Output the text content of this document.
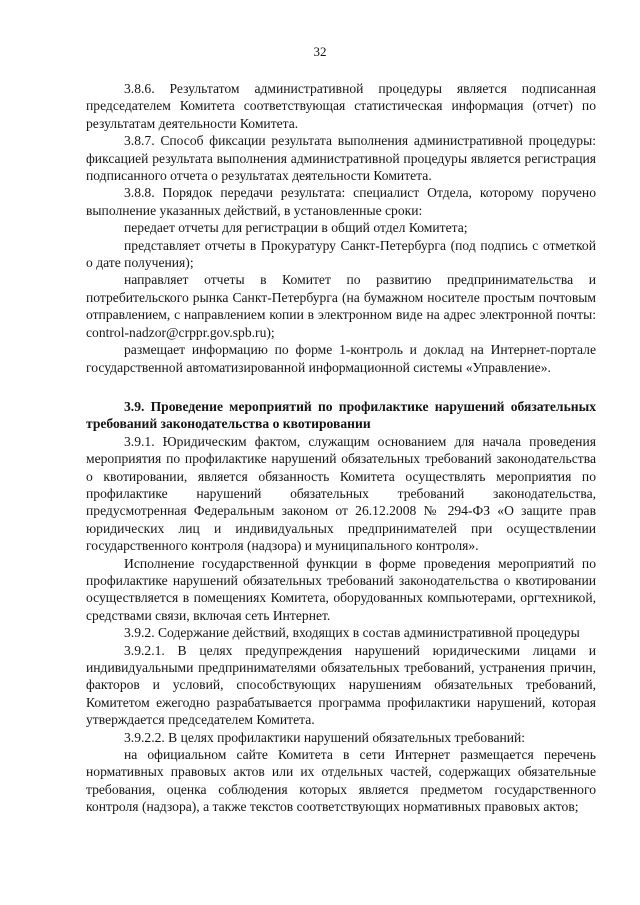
32

3.8.6. Результатом административной процедуры является подписанная председателем Комитета соответствующая статистическая информация (отчет) по результатам деятельности Комитета.

3.8.7. Способ фиксации результата выполнения административной процедуры: фиксацией результата выполнения административной процедуры является регистрация подписанного отчета о результатах деятельности Комитета.

3.8.8. Порядок передачи результата: специалист Отдела, которому поручено выполнение указанных действий, в установленные сроки:

передает отчеты для регистрации в общий отдел Комитета;

представляет отчеты в Прокуратуру Санкт-Петербурга (под подпись с отметкой о дате получения);

направляет отчеты в Комитет по развитию предпринимательства и потребительского рынка Санкт-Петербурга (на бумажном носителе простым почтовым отправлением, с направлением копии в электронном виде на адрес электронной почты: control-nadzor@crppr.gov.spb.ru);

размещает информацию по форме 1-контроль и доклад на Интернет-портале государственной автоматизированной информационной системы «Управление».

3.9. Проведение мероприятий по профилактике нарушений обязательных требований законодательства о квотировании

3.9.1. Юридическим фактом, служащим основанием для начала проведения мероприятия по профилактике нарушений обязательных требований законодательства о квотировании, является обязанность Комитета осуществлять мероприятия по профилактике нарушений обязательных требований законодательства, предусмотренная Федеральным законом от 26.12.2008 № 294-ФЗ «О защите прав юридических лиц и индивидуальных предпринимателей при осуществлении государственного контроля (надзора) и муниципального контроля».

Исполнение государственной функции в форме проведения мероприятий по профилактике нарушений обязательных требований законодательства о квотировании осуществляется в помещениях Комитета, оборудованных компьютерами, оргтехникой, средствами связи, включая сеть Интернет.

3.9.2. Содержание действий, входящих в состав административной процедуры

3.9.2.1. В целях предупреждения нарушений юридическими лицами и индивидуальными предпринимателями обязательных требований, устранения причин, факторов и условий, способствующих нарушениям обязательных требований, Комитетом ежегодно разрабатывается программа профилактики нарушений, которая утверждается председателем Комитета.

3.9.2.2. В целях профилактики нарушений обязательных требований:

на официальном сайте Комитета в сети Интернет размещается перечень нормативных правовых актов или их отдельных частей, содержащих обязательные требования, оценка соблюдения которых является предметом государственного контроля (надзора), а также текстов соответствующих нормативных правовых актов;
